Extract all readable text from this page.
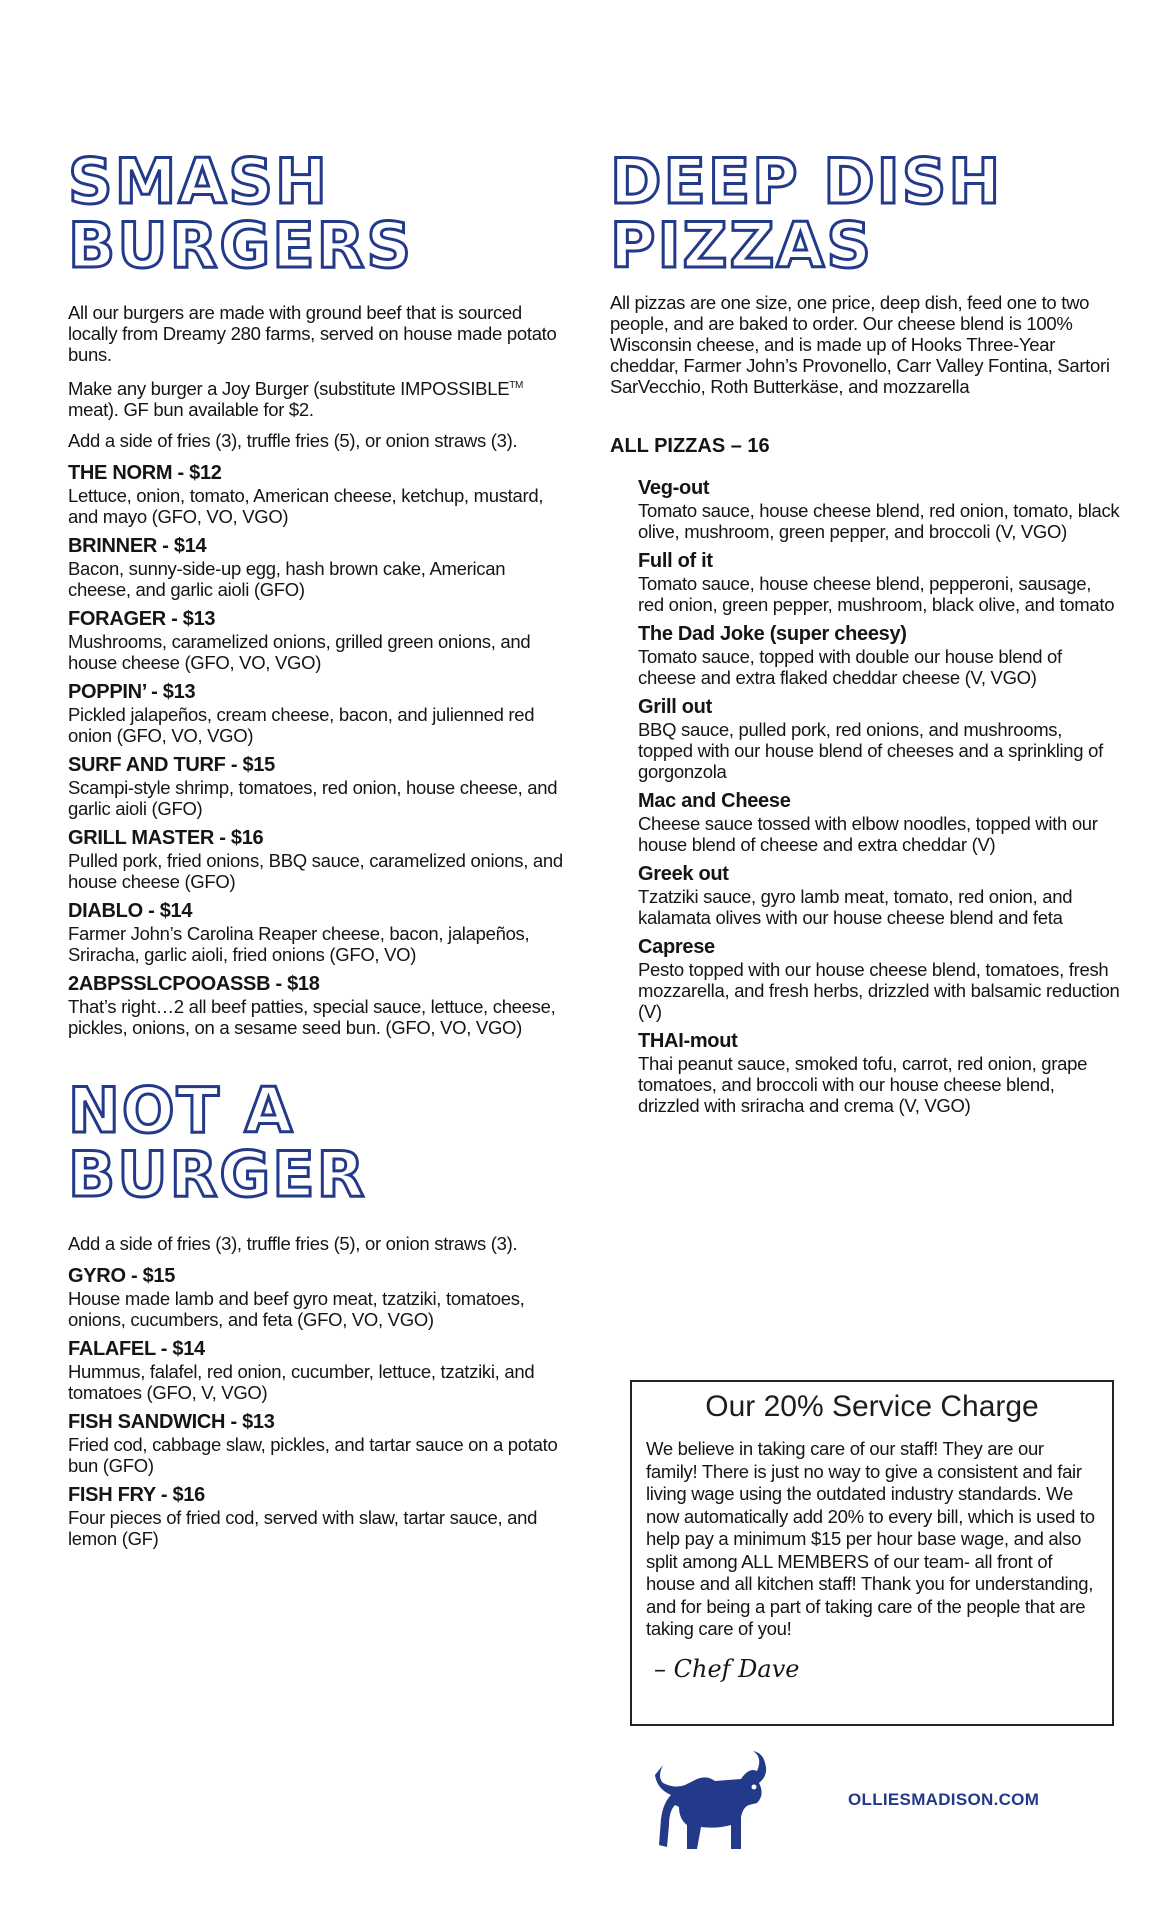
SMASH
BURGERS

All our burgers are made with ground beef that is sourced locally from Dreamy 280 farms, served on house made potato buns.

Make any burger a Joy Burger (substitute IMPOSSIBLE™ meat). GF bun available for $2.

Add a side of fries (3), truffle fries (5), or onion straws (3).

THE NORM - $12

Lettuce, onion, tomato, American cheese, ketchup, mustard, and mayo (GFO, VO, VGO)

BRINNER - $14

Bacon, sunny-side-up egg, hash brown cake, American cheese, and garlic aioli (GFO)

FORAGER - $13

Mushrooms, caramelized onions, grilled green onions, and house cheese (GFO, VO, VGO)

POPPIN’ - $13

Pickled jalapeños, cream cheese, bacon, and julienned red onion (GFO, VO, VGO)

SURF AND TURF - $15

Scampi-style shrimp, tomatoes, red onion, house cheese, and garlic aioli (GFO)

GRILL MASTER - $16

Pulled pork, fried onions, BBQ sauce, caramelized onions, and house cheese (GFO)

DIABLO - $14

Farmer John’s Carolina Reaper cheese, bacon, jalapeños, Sriracha, garlic aioli, fried onions (GFO, VO)

2ABPSSLCPOOASSB - $18

That’s right…2 all beef patties, special sauce, lettuce, cheese, pickles, onions, on a sesame seed bun. (GFO, VO, VGO)

NOT A
BURGER

Add a side of fries (3), truffle fries (5), or onion straws (3).

GYRO - $15

House made lamb and beef gyro meat, tzatziki, tomatoes, onions, cucumbers, and feta (GFO, VO, VGO)

FALAFEL - $14

Hummus, falafel, red onion, cucumber, lettuce, tzatziki, and tomatoes (GFO, V, VGO)

FISH SANDWICH - $13

Fried cod, cabbage slaw, pickles, and tartar sauce on a potato bun (GFO)

FISH FRY - $16

Four pieces of fried cod, served with slaw, tartar sauce, and lemon (GF)

DEEP DISH
PIZZAS

All pizzas are one size, one price, deep dish, feed one to two people, and are baked to order. Our cheese blend is 100% Wisconsin cheese, and is made up of Hooks Three-Year cheddar, Farmer John’s Provonello, Carr Valley Fontina, Sartori SarVecchio, Roth Butterkäse, and mozzarella

ALL PIZZAS – 16

Veg-out

Tomato sauce, house cheese blend, red onion, tomato, black olive, mushroom, green pepper, and broccoli (V, VGO)

Full of it

Tomato sauce, house cheese blend, pepperoni, sausage, red onion, green pepper, mushroom, black olive, and tomato

The Dad Joke (super cheesy)

Tomato sauce, topped with double our house blend of cheese and extra flaked cheddar cheese (V, VGO)

Grill out

BBQ sauce, pulled pork, red onions, and mushrooms, topped with our house blend of cheeses and a sprinkling of gorgonzola

Mac and Cheese

Cheese sauce tossed with elbow noodles, topped with our house blend of cheese and extra cheddar (V)

Greek out

Tzatziki sauce, gyro lamb meat, tomato, red onion, and kalamata olives with our house cheese blend and feta

Caprese

Pesto topped with our house cheese blend, tomatoes, fresh mozzarella, and fresh herbs, drizzled with balsamic reduction (V)

THAI-mout

Thai peanut sauce, smoked tofu, carrot, red onion, grape tomatoes, and broccoli with our house cheese blend, drizzled with sriracha and crema (V, VGO)

Our 20% Service Charge

We believe in taking care of our staff! They are our family! There is just no way to give a consistent and fair living wage using the outdated industry standards. We now automatically add 20% to every bill, which is used to help pay a minimum $15 per hour base wage, and also split among ALL MEMBERS of our team- all front of house and all kitchen staff! Thank you for understanding, and for being a part of taking care of the people that are taking care of you!

– Chef Dave

OLLIESMADISON.COM
